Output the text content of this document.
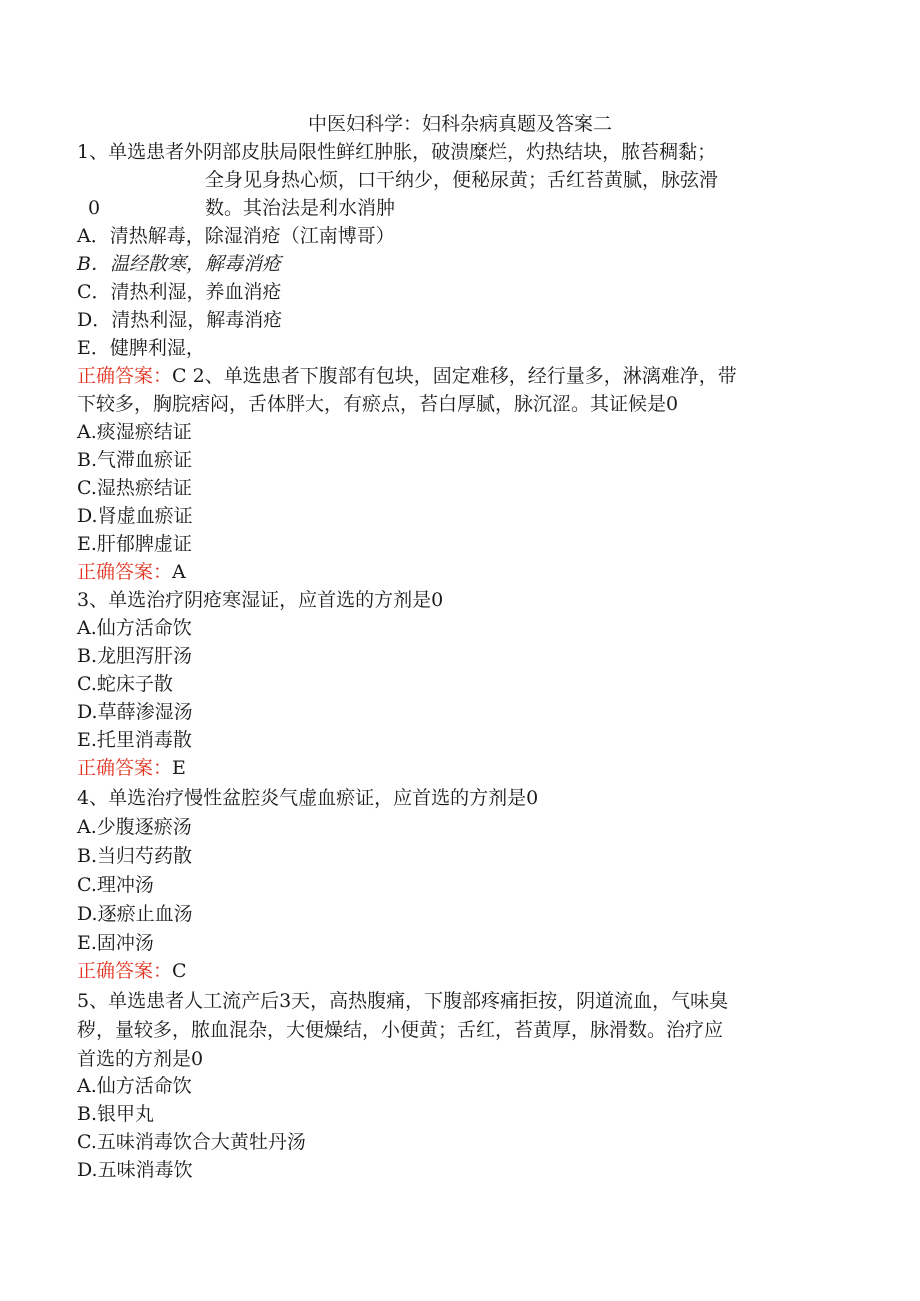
中医妇科学：妇科杂病真题及答案二
1、单选患者外阴部皮肤局限性鲜红肿胀，破溃糜烂，灼热结块，脓苔稠黏；
全身见身热心烦，口干纳少，便秘尿黄；舌红苔黄腻，脉弦滑
0	数。其治法是利水消肿
A．清热解毒，除湿消疮（江南博哥）
B．温经散寒，解毒消疮
C．清热利湿，养血消疮
D．清热利湿，解毒消疮
E．健脾利湿，
正确答案：C 2、单选患者下腹部有包块，固定难移，经行量多，淋漓难净，带
下较多，胸脘痞闷，舌体胖大，有瘀点，苔白厚腻，脉沉涩。其证候是0
A.痰湿瘀结证
B.气滞血瘀证
C.湿热瘀结证
D.肾虚血瘀证
E.肝郁脾虚证
正确答案：A
3、单选治疗阴疮寒湿证，应首选的方剂是0
A.仙方活命饮
B.龙胆泻肝汤
C.蛇床子散
D.草薛渗湿汤
E.托里消毒散
正确答案：E
4、单选治疗慢性盆腔炎气虚血瘀证，应首选的方剂是0
A.少腹逐瘀汤
B.当归芍药散
C.理冲汤
D.逐瘀止血汤
E.固冲汤
正确答案：C
5、单选患者人工流产后3天，高热腹痛，下腹部疼痛拒按，阴道流血，气味臭
秽，量较多，脓血混杂，大便燥结，小便黄；舌红，苔黄厚，脉滑数。治疗应
首选的方剂是0
A.仙方活命饮
B.银甲丸
C.五味消毒饮合大黄牡丹汤
D.五味消毒饮
